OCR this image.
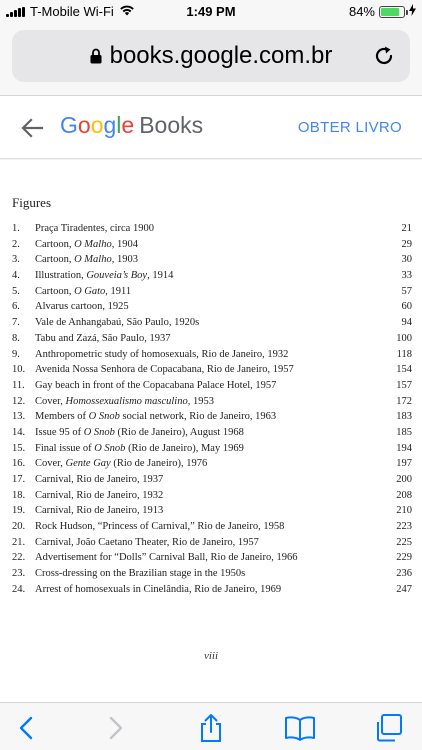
T-Mobile Wi-Fi	1:49 PM	84%
books.google.com.br
Google Books	OBTER LIVRO
Figures
1.	Praça Tiradentes, circa 1900	21
2.	Cartoon, O Malho, 1904	29
3.	Cartoon, O Malho, 1903	30
4.	Illustration, Gouveia’s Boy, 1914	33
5.	Cartoon, O Gato, 1911	57
6.	Alvarus cartoon, 1925	60
7.	Vale de Anhangabaú, São Paulo, 1920s	94
8.	Tabu and Zazá, São Paulo, 1937	100
9.	Anthropometric study of homosexuals, Rio de Janeiro, 1932	118
10. Avenida Nossa Senhora de Copacabana, Rio de Janeiro, 1957	154
11. Gay beach in front of the Copacabana Palace Hotel, 1957	157
12. Cover, Homossexualismo masculino, 1953	172
13. Members of O Snob social network, Rio de Janeiro, 1963	183
14. Issue 95 of O Snob (Rio de Janeiro), August 1968	185
15. Final issue of O Snob (Rio de Janeiro), May 1969	194
16. Cover, Gente Gay (Rio de Janeiro), 1976	197
17. Carnival, Rio de Janeiro, 1937	200
18. Carnival, Rio de Janeiro, 1932	208
19. Carnival, Rio de Janeiro, 1913	210
20. Rock Hudson, “Princess of Carnival,” Rio de Janeiro, 1958	223
21. Carnival, João Caetano Theater, Rio de Janeiro, 1957	225
22. Advertisement for “Dolls” Carnival Ball, Rio de Janeiro, 1966	229
23. Cross-dressing on the Brazilian stage in the 1950s	236
24. Arrest of homosexuals in Cinelândia, Rio de Janeiro, 1969	247
viii
